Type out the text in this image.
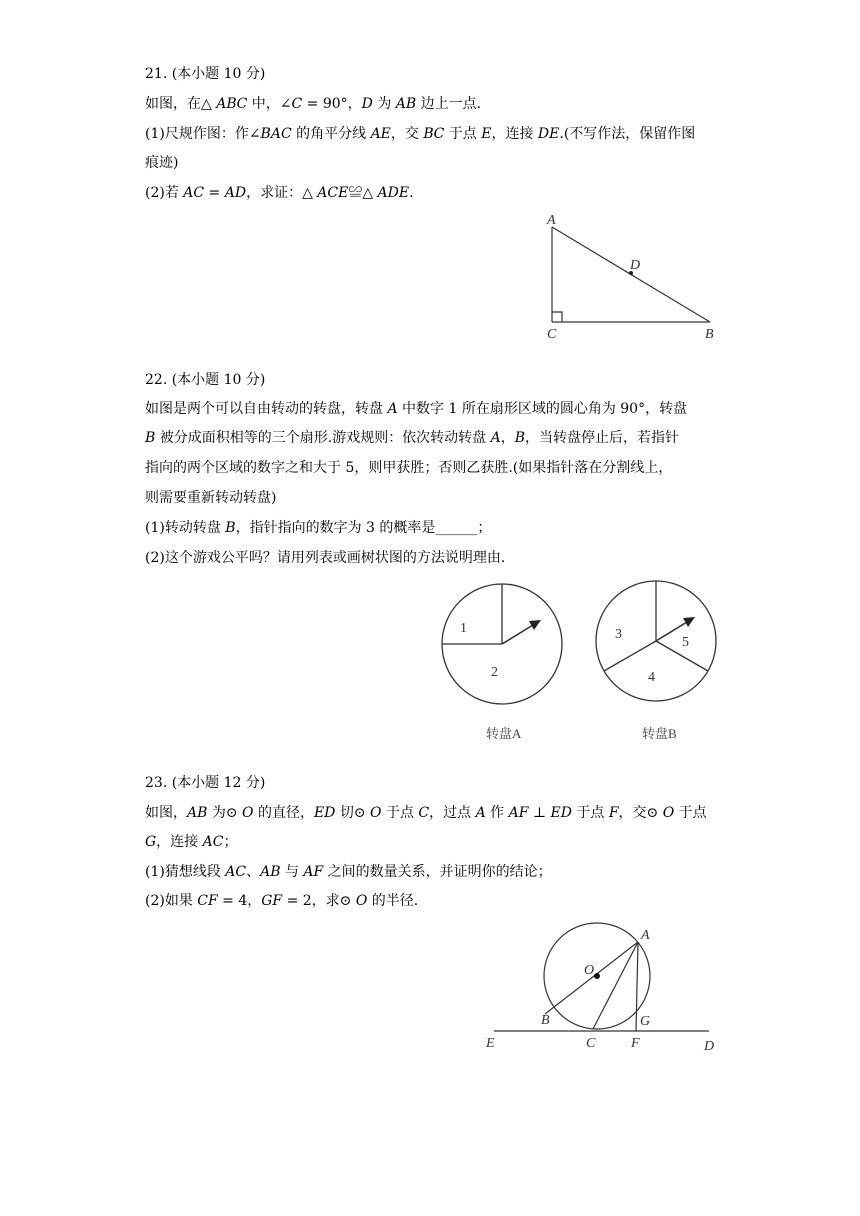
21. (本小题 10 分)
如图，在△ 𝐴𝐵𝐶 中，∠𝐶 = 90°，𝐷 为 𝐴𝐵 边上一点.
(1)尺规作图：作∠𝐵𝐴𝐶 的角平分线 𝐴𝐸，交 𝐵𝐶 于点 𝐸，连接 𝐷𝐸.(不写作法，保留作图
痕迹)
(2)若 𝐴𝐶 = 𝐴𝐷，求证：△ 𝐴𝐶𝐸≌△ 𝐴𝐷𝐸.
A
D
C	B
22. (本小题 10 分)
如图是两个可以自由转动的转盘，转盘 𝐴 中数字 1 所在扇形区域的圆心角为 90°，转盘
𝐵 被分成面积相等的三个扇形.游戏规则：依次转动转盘 𝐴，𝐵，当转盘停止后，若指针
指向的两个区域的数字之和大于 5，则甲获胜；否则乙获胜.(如果指针落在分割线上，
则需要重新转动转盘)
(1)转动转盘 𝐵，指针指向的数字为 3 的概率是______；
(2)这个游戏公平吗？请用列表或画树状图的方法说明理由.
1
2
转盘A
3
5
4
转盘B
23. (本小题 12 分)
如图，𝐴𝐵 为⊙ 𝑂 的直径，𝐸𝐷 切⊙ 𝑂 于点 𝐶，过点 𝐴 作 𝐴𝐹 ⊥ 𝐸𝐷 于点 𝐹，交⊙ 𝑂 于点
𝐺，连接 𝐴𝐶；
(1)猜想线段 𝐴𝐶、𝐴𝐵 与 𝐴𝐹 之间的数量关系，并证明你的结论；
(2)如果 𝐶𝐹 = 4，𝐺𝐹 = 2，求⊙ 𝑂 的半径.
A
O
B	G
E	C	F	D
